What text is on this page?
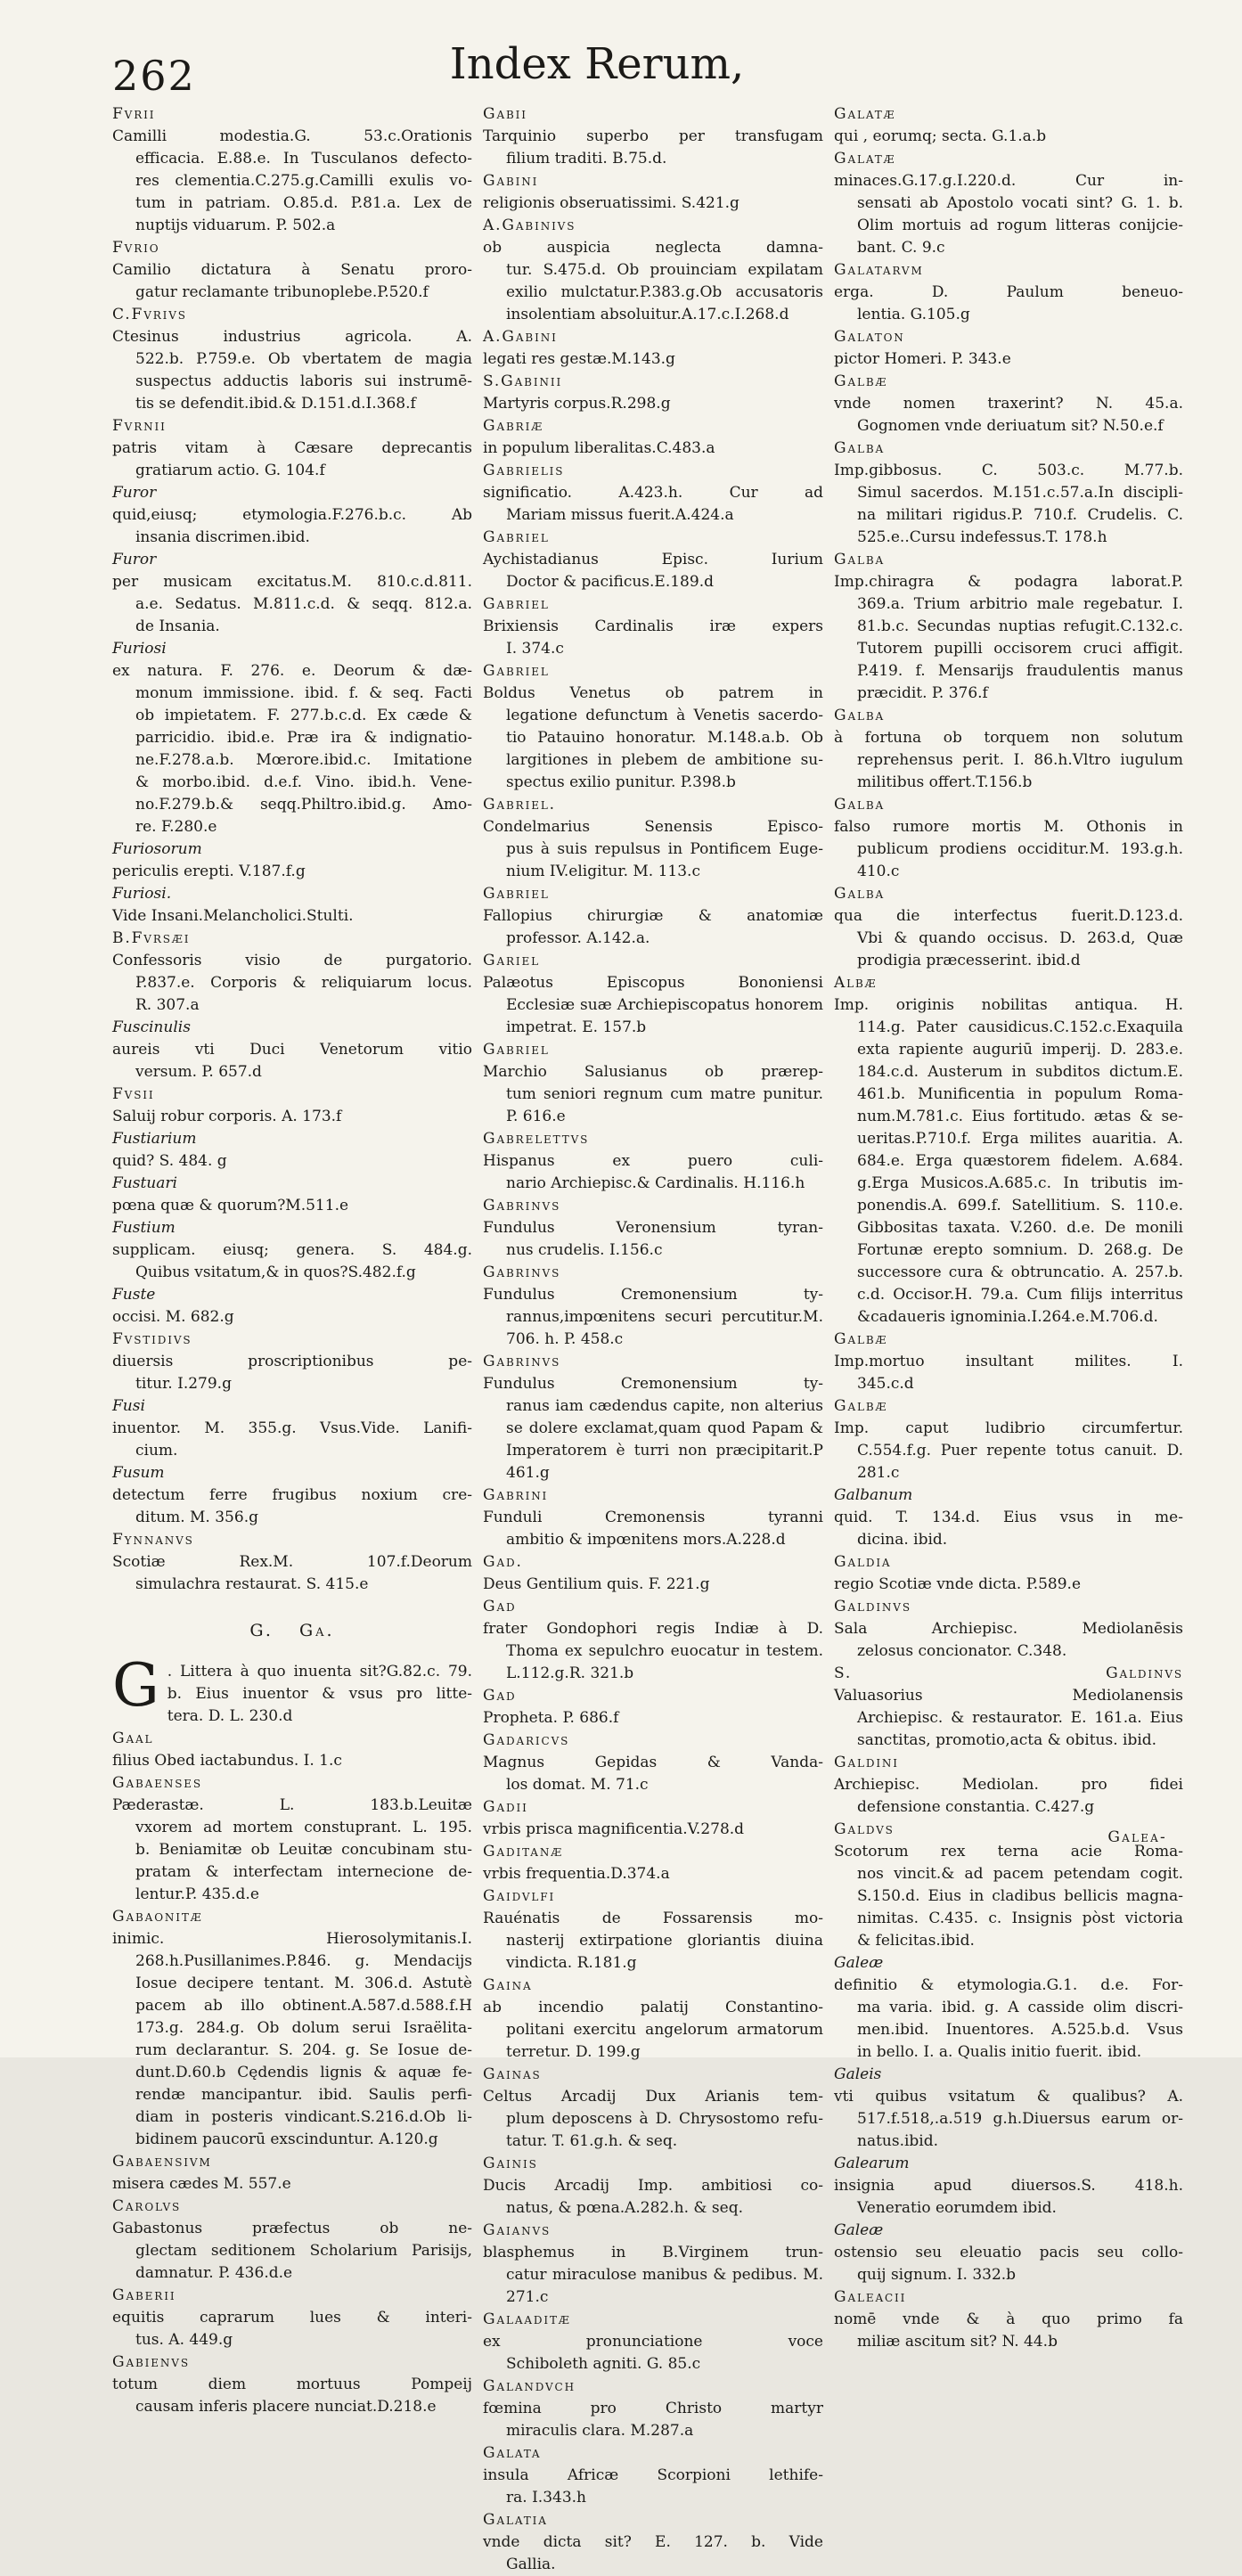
262	Index Rerum,
Fvrii
Camilli modestia.G. 53.c.Orationis
efficacia. E.88.e. In Tusculanos defecto-
res clementia.C.275.g.Camilli exulis vo-
tum in patriam. O.85.d. P.81.a. Lex de
nuptijs viduarum. P. 502.a
Fvrio
Camilio dictatura à Senatu proro-
gatur reclamante tribunoplebe.P.520.f
C.Fvrivs
Ctesinus industrius agricola. A.
522.b. P.759.e. Ob vbertatem de magia
suspectus adductis laboris sui instrumē-
tis se defendit.ibid.& D.151.d.I.368.f
Fvrnii
patris vitam à Cæsare deprecantis
gratiarum actio. G. 104.f
Furor
quid,eiusq; etymologia.F.276.b.c. Ab
insania discrimen.ibid.
Furor
per musicam excitatus.M. 810.c.d.811.
a.e. Sedatus. M.811.c.d. & seqq. 812.a.
de Insania.
Furiosi
ex natura. F. 276. e. Deorum & dæ-
monum immissione. ibid. f. & seq. Facti
ob impietatem. F. 277.b.c.d. Ex cæde &
parricidio. ibid.e. Præ ira & indignatio-
ne.F.278.a.b. Mœrore.ibid.c. Imitatione
& morbo.ibid. d.e.f. Vino. ibid.h. Vene-
no.F.279.b.& seqq.Philtro.ibid.g. Amo-
re. F.280.e
Furiosorum
periculis erepti. V.187.f.g
Furiosi.
Vide Insani.Melancholici.Stulti.
B.Fvrsæi
Confessoris visio de purgatorio.
P.837.e. Corporis & reliquiarum locus.
R. 307.a
Fuscinulis
aureis vti Duci Venetorum vitio
versum. P. 657.d
Fvsii
Saluij robur corporis. A. 173.f
Fustiarium
quid? S. 484. g
Fustuari
pœna quæ & quorum?M.511.e
Fustium
supplicam. eiusq; genera. S. 484.g.
Quibus vsitatum,& in quos?S.482.f.g
Fuste
occisi. M. 682.g
Fvstidivs
diuersis proscriptionibus pe-
titur. I.279.g
Fusi
inuentor. M. 355.g. Vsus.Vide. Lanifi-
cium.
Fusum
detectum ferre frugibus noxium cre-
ditum. M. 356.g
Fynnanvs
Scotiæ Rex.M. 107.f.Deorum
simulachra restaurat. S. 415.e
G. Ga.
G . Littera à quo inuenta sit?G.82.c. 79.
b. Eius inuentor & vsus pro litte-
tera. D. L. 230.d
Gaal
filius Obed iactabundus. I. 1.c
Gabaenses
Pæderastæ. L. 183.b.Leuitæ
vxorem ad mortem constuprant. L. 195.
b. Beniamitæ ob Leuitæ concubinam stu-
pratam & interfectam internecione de-
lentur.P. 435.d.e
Gabaonitæ
inimic. Hierosolymitanis.I.
268.h.Pusillanimes.P.846. g. Mendacijs
Iosue decipere tentant. M. 306.d. Astutè
pacem ab illo obtinent.A.587.d.588.f.H
173.g. 284.g. Ob dolum serui Israëlita-
rum declarantur. S. 204. g. Se Iosue de-
dunt.D.60.b Cędendis lignis & aquæ fe-
rendæ mancipantur. ibid. Saulis perfi-
diam in posteris vindicant.S.216.d.Ob li-
bidinem paucorū exscinduntur. A.120.g
Gabaensivm
misera cædes M. 557.e
Carolvs
Gabastonus præfectus ob ne-
glectam seditionem Scholarium Parisijs,
damnatur. P. 436.d.e
Gaberii
equitis caprarum lues & interi-
tus. A. 449.g
Gabienvs
totum diem mortuus Pompeij
causam inferis placere nunciat.D.218.e
Gabii
Tarquinio superbo per transfugam
filium traditi. B.75.d.
Gabini
religionis obseruatissimi. S.421.g
A.Gabinivs
ob auspicia neglecta damna-
tur. S.475.d. Ob prouinciam expilatam
exilio mulctatur.P.383.g.Ob accusatoris
insolentiam absoluitur.A.17.c.I.268.d
A.Gabini
legati res gestæ.M.143.g
S.Gabinii
Martyris corpus.R.298.g
Gabriæ
in populum liberalitas.C.483.a
Gabrielis
significatio. A.423.h. Cur ad
Mariam missus fuerit.A.424.a
Gabriel
Aychistadianus Episc. Iurium
Doctor & pacificus.E.189.d
Gabriel
Brixiensis Cardinalis iræ expers
I. 374.c
Gabriel
Boldus Venetus ob patrem in
legatione defunctum à Venetis sacerdo-
tio Patauino honoratur. M.148.a.b. Ob
largitiones in plebem de ambitione su-
spectus exilio punitur. P.398.b
Gabriel.
Condelmarius Senensis Episco-
pus à suis repulsus in Pontificem Euge-
nium IV.eligitur. M. 113.c
Gabriel
Fallopius chirurgiæ & anatomiæ
professor. A.142.a.
Gariel
Palæotus Episcopus Bononiensi
Ecclesiæ suæ Archiepiscopatus honorem
impetrat. E. 157.b
Gabriel
Marchio Salusianus ob prærep-
tum seniori regnum cum matre punitur.
P. 616.e
Gabrelettvs
Hispanus ex puero culi-
nario Archiepisc.& Cardinalis. H.116.h
Gabrinvs
Fundulus Veronensium tyran-
nus crudelis. I.156.c
Gabrinvs
Fundulus Cremonensium ty-
rannus,impœnitens securi percutitur.M.
706. h. P. 458.c
Gabrinvs
Fundulus Cremonensium ty-
ranus iam cædendus capite, non alterius
se dolere exclamat,quam quod Papam &
Imperatorem è turri non præcipitarit.P
461.g
Gabrini
Funduli Cremonensis tyranni
ambitio & impœnitens mors.A.228.d
Gad.
Deus Gentilium quis. F. 221.g
Gad
frater Gondophori regis Indiæ à D.
Thoma ex sepulchro euocatur in testem.
L.112.g.R. 321.b
Gad
Propheta. P. 686.f
Gadaricvs
Magnus Gepidas & Vanda-
los domat. M. 71.c
Gadii
vrbis prisca magnificentia.V.278.d
Gaditanæ
vrbis frequentia.D.374.a
Gaidvlfi
Rauénatis de Fossarensis mo-
nasterij extirpatione gloriantis diuina
vindicta. R.181.g
Gaina
ab incendio palatij Constantino-
politani exercitu angelorum armatorum
terretur. D. 199.g
Gainas
Celtus Arcadij Dux Arianis tem-
plum deposcens à D. Chrysostomo refu-
tatur. T. 61.g.h. & seq.
Gainis
Ducis Arcadij Imp. ambitiosi co-
natus, & pœna.A.282.h. & seq.
Gaianvs
blasphemus in B.Virginem trun-
catur miraculose manibus & pedibus. M.
271.c
Galaaditæ
ex pronunciatione voce
Schiboleth agniti. G. 85.c
Galandvch
fœmina pro Christo martyr
miraculis clara. M.287.a
Galata
insula Africæ Scorpioni lethife-
ra. I.343.h
Galatia
vnde dicta sit? E. 127. b. Vide
Gallia.
Galatæ
qui , eorumq; secta. G.1.a.b
Galatæ
minaces.G.17.g.I.220.d. Cur in-
sensati ab Apostolo vocati sint? G. 1. b.
Olim mortuis ad rogum litteras conijcie-
bant. C. 9.c
Galatarvm
erga. D. Paulum beneuo-
lentia. G.105.g
Galaton
pictor Homeri. P. 343.e
Galbæ
vnde nomen traxerint? N. 45.a.
Gognomen vnde deriuatum sit? N.50.e.f
Galba
Imp.gibbosus. C. 503.c. M.77.b.
Simul sacerdos. M.151.c.57.a.In discipli-
na militari rigidus.P. 710.f. Crudelis. C.
525.e..Cursu indefessus.T. 178.h
Galba
Imp.chiragra & podagra laborat.P.
369.a. Trium arbitrio male regebatur. I.
81.b.c. Secundas nuptias refugit.C.132.c.
Tutorem pupilli occisorem cruci affigit.
P.419. f. Mensarijs fraudulentis manus
præcidit. P. 376.f
Galba
à fortuna ob torquem non solutum
reprehensus perit. I. 86.h.Vltro iugulum
militibus offert.T.156.b
Galba
falso rumore mortis M. Othonis in
publicum prodiens occiditur.M. 193.g.h.
410.c
Galba
qua die interfectus fuerit.D.123.d.
Vbi & quando occisus. D. 263.d, Quæ
prodigia præcesserint. ibid.d
Albæ
Imp. originis nobilitas antiqua. H.
114.g. Pater causidicus.C.152.c.Exaquila
exta rapiente auguriū imperij. D. 283.e.
184.c.d. Austerum in subditos dictum.E.
461.b. Munificentia in populum Roma-
num.M.781.c. Eius fortitudo. ætas & se-
ueritas.P.710.f. Erga milites auaritia. A.
684.e. Erga quæstorem fidelem. A.684.
g.Erga Musicos.A.685.c. In tributis im-
ponendis.A. 699.f. Satellitium. S. 110.e.
Gibbositas taxata. V.260. d.e. De monili
Fortunæ erepto somnium. D. 268.g. De
successore cura & obtruncatio. A. 257.b.
c.d. Occisor.H. 79.a. Cum filijs interritus
&cadaueris ignominia.I.264.e.M.706.d.
Galbæ
Imp.mortuo insultant milites. I.
345.c.d
Galbæ
Imp. caput ludibrio circumfertur.
C.554.f.g. Puer repente totus canuit. D.
281.c
Galbanum
quid. T. 134.d. Eius vsus in me-
dicina. ibid.
Galdia
regio Scotiæ vnde dicta. P.589.e
Galdinvs
Sala Archiepisc. Mediolanēsis
zelosus concionator. C.348.
S. Galdinvs
Valuasorius Mediolanensis
Archiepisc. & restaurator. E. 161.a. Eius
sanctitas, promotio,acta & obitus. ibid.
Galdini
Archiepisc. Mediolan. pro fidei
defensione constantia. C.427.g
Galdvs
Scotorum rex terna acie Roma-
nos vincit.& ad pacem petendam cogit.
S.150.d. Eius in cladibus bellicis magna-
nimitas. C.435. c. Insignis pòst victoria
& felicitas.ibid.
Galeæ
definitio & etymologia.G.1. d.e. For-
ma varia. ibid. g. A casside olim discri-
men.ibid. Inuentores. A.525.b.d. Vsus
in bello. I. a. Qualis initio fuerit. ibid.
Galeis
vti quibus vsitatum & qualibus? A.
517.f.518,.a.519 g.h.Diuersus earum or-
natus.ibid.
Galearum
insignia apud diuersos.S. 418.h.
Veneratio eorumdem ibid.
Galeæ
ostensio seu eleuatio pacis seu collo-
quij signum. I. 332.b
Galeacii
nomē vnde & à quo primo fa
miliæ ascitum sit? N. 44.b
Galea-
